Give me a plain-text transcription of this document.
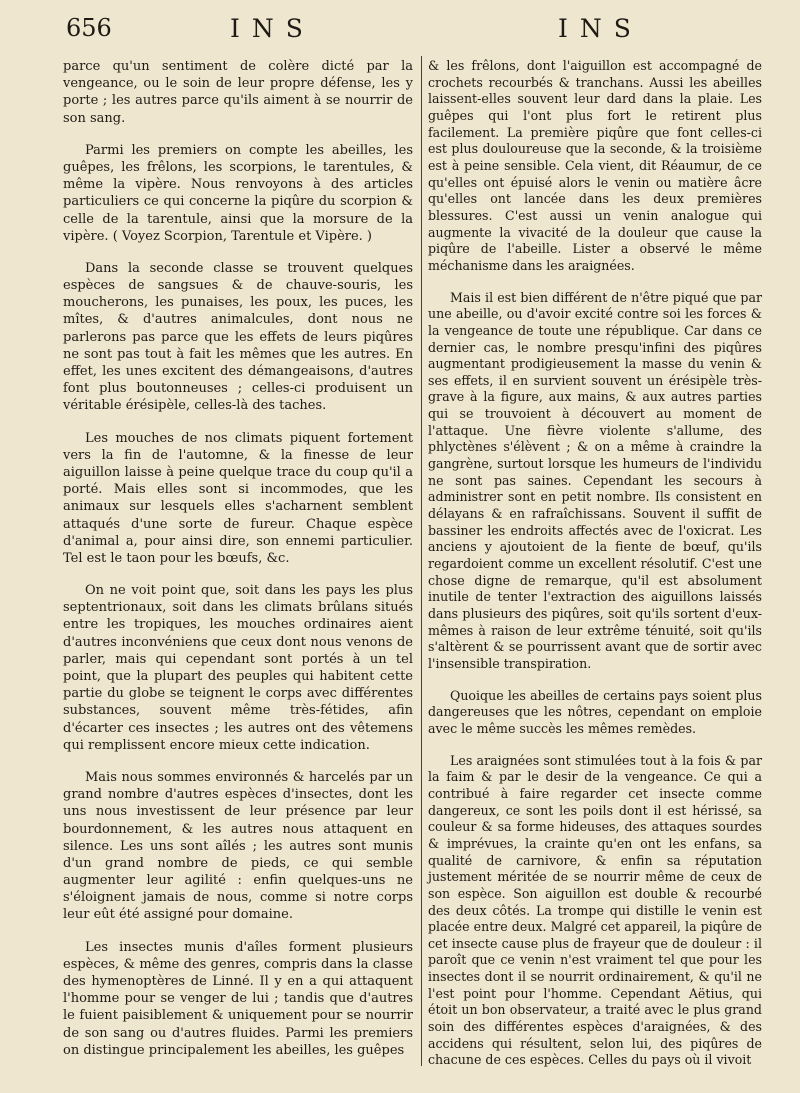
656	INS	INS

parce qu'un sentiment de colère dicté par la vengeance, ou le soin de leur propre défense, les y porte ; les autres parce qu'ils aiment à se nourrir de son sang.

Parmi les premiers on compte les abeilles, les guêpes, les frêlons, les scorpions, le tarentules, & même la vipère. Nous renvoyons à des articles particuliers ce qui concerne la piqûre du scorpion & celle de la tarentule, ainsi que la morsure de la vipère. ( Voyez Scorpion, Tarentule et Vipère. )

Dans la seconde classe se trouvent quelques espèces de sangsues & de chauve-souris, les moucherons, les punaises, les poux, les puces, les mîtes, & d'autres animalcules, dont nous ne parlerons pas parce que les effets de leurs piqûres ne sont pas tout à fait les mêmes que les autres. En effet, les unes excitent des démangeaisons, d'autres font plus boutonneuses ; celles-ci produisent un véritable érésipèle, celles-là des taches.

Les mouches de nos climats piquent fortement vers la fin de l'automne, & la finesse de leur aiguillon laisse à peine quelque trace du coup qu'il a porté. Mais elles sont si incommodes, que les animaux sur lesquels elles s'acharnent semblent attaqués d'une sorte de fureur. Chaque espèce d'animal a, pour ainsi dire, son ennemi particulier. Tel est le taon pour les bœufs, &c.

On ne voit point que, soit dans les pays les plus septentrionaux, soit dans les climats brûlans situés entre les tropiques, les mouches ordinaires aient d'autres inconvéniens que ceux dont nous venons de parler, mais qui cependant sont portés à un tel point, que la plupart des peuples qui habitent cette partie du globe se teignent le corps avec différentes substances, souvent même très-fétides, afin d'écarter ces insectes ; les autres ont des vêtemens qui remplissent encore mieux cette indication.

Mais nous sommes environnés & harcelés par un grand nombre d'autres espèces d'insectes, dont les uns nous investissent de leur présence par leur bourdonnement, & les autres nous attaquent en silence. Les uns sont aîlés ; les autres sont munis d'un grand nombre de pieds, ce qui semble augmenter leur agilité : enfin quelques-uns ne s'éloignent jamais de nous, comme si notre corps leur eût été assigné pour domaine.

Les insectes munis d'aîles forment plusieurs espèces, & même des genres, compris dans la classe des hymenoptères de Linné. Il y en a qui attaquent l'homme pour se venger de lui ; tandis que d'autres le fuient paisiblement & uniquement pour se nourrir de son sang ou d'autres fluides. Parmi les premiers on distingue principalement les abeilles, les guêpes

& les frêlons, dont l'aiguillon est accompagné de crochets recourbés & tranchans. Aussi les abeilles laissent-elles souvent leur dard dans la plaie. Les guêpes qui l'ont plus fort le retirent plus facilement. La première piqûre que font celles-ci est plus douloureuse que la seconde, & la troisième est à peine sensible. Cela vient, dit Réaumur, de ce qu'elles ont épuisé alors le venin ou matière âcre qu'elles ont lancée dans les deux premières blessures. C'est aussi un venin analogue qui augmente la vivacité de la douleur que cause la piqûre de l'abeille. Lister a observé le même méchanisme dans les araignées.

Mais il est bien différent de n'être piqué que par une abeille, ou d'avoir excité contre soi les forces & la vengeance de toute une république. Car dans ce dernier cas, le nombre presqu'infini des piqûres augmentant prodigieusement la masse du venin & ses effets, il en survient souvent un érésipèle très-grave à la figure, aux mains, & aux autres parties qui se trouvoient à découvert au moment de l'attaque. Une fièvre violente s'allume, des phlyctènes s'élèvent ; & on a même à craindre la gangrène, surtout lorsque les humeurs de l'individu ne sont pas saines. Cependant les secours à administrer sont en petit nombre. Ils consistent en délayans & en rafraîchissans. Souvent il suffit de bassiner les endroits affectés avec de l'oxicrat. Les anciens y ajoutoient de la fiente de bœuf, qu'ils regardoient comme un excellent résolutif. C'est une chose digne de remarque, qu'il est absolument inutile de tenter l'extraction des aiguillons laissés dans plusieurs des piqûres, soit qu'ils sortent d'eux-mêmes à raison de leur extrême ténuité, soit qu'ils s'altèrent & se pourrissent avant que de sortir avec l'insensible transpiration.

Quoique les abeilles de certains pays soient plus dangereuses que les nôtres, cependant on emploie avec le même succès les mêmes remèdes.

Les araignées sont stimulées tout à la fois & par la faim & par le desir de la vengeance. Ce qui a contribué à faire regarder cet insecte comme dangereux, ce sont les poils dont il est hérissé, sa couleur & sa forme hideuses, des attaques sourdes & imprévues, la crainte qu'en ont les enfans, sa qualité de carnivore, & enfin sa réputation justement méritée de se nourrir même de ceux de son espèce. Son aiguillon est double & recourbé des deux côtés. La trompe qui distille le venin est placée entre deux. Malgré cet appareil, la piqûre de cet insecte cause plus de frayeur que de douleur : il paroît que ce venin n'est vraiment tel que pour les insectes dont il se nourrit ordinairement, & qu'il ne l'est point pour l'homme. Cependant Aëtius, qui étoit un bon observateur, a traité avec le plus grand soin des différentes espèces d'araignées, & des accidens qui résultent, selon lui, des piqûres de chacune de ces espèces. Celles du pays où il vivoit
